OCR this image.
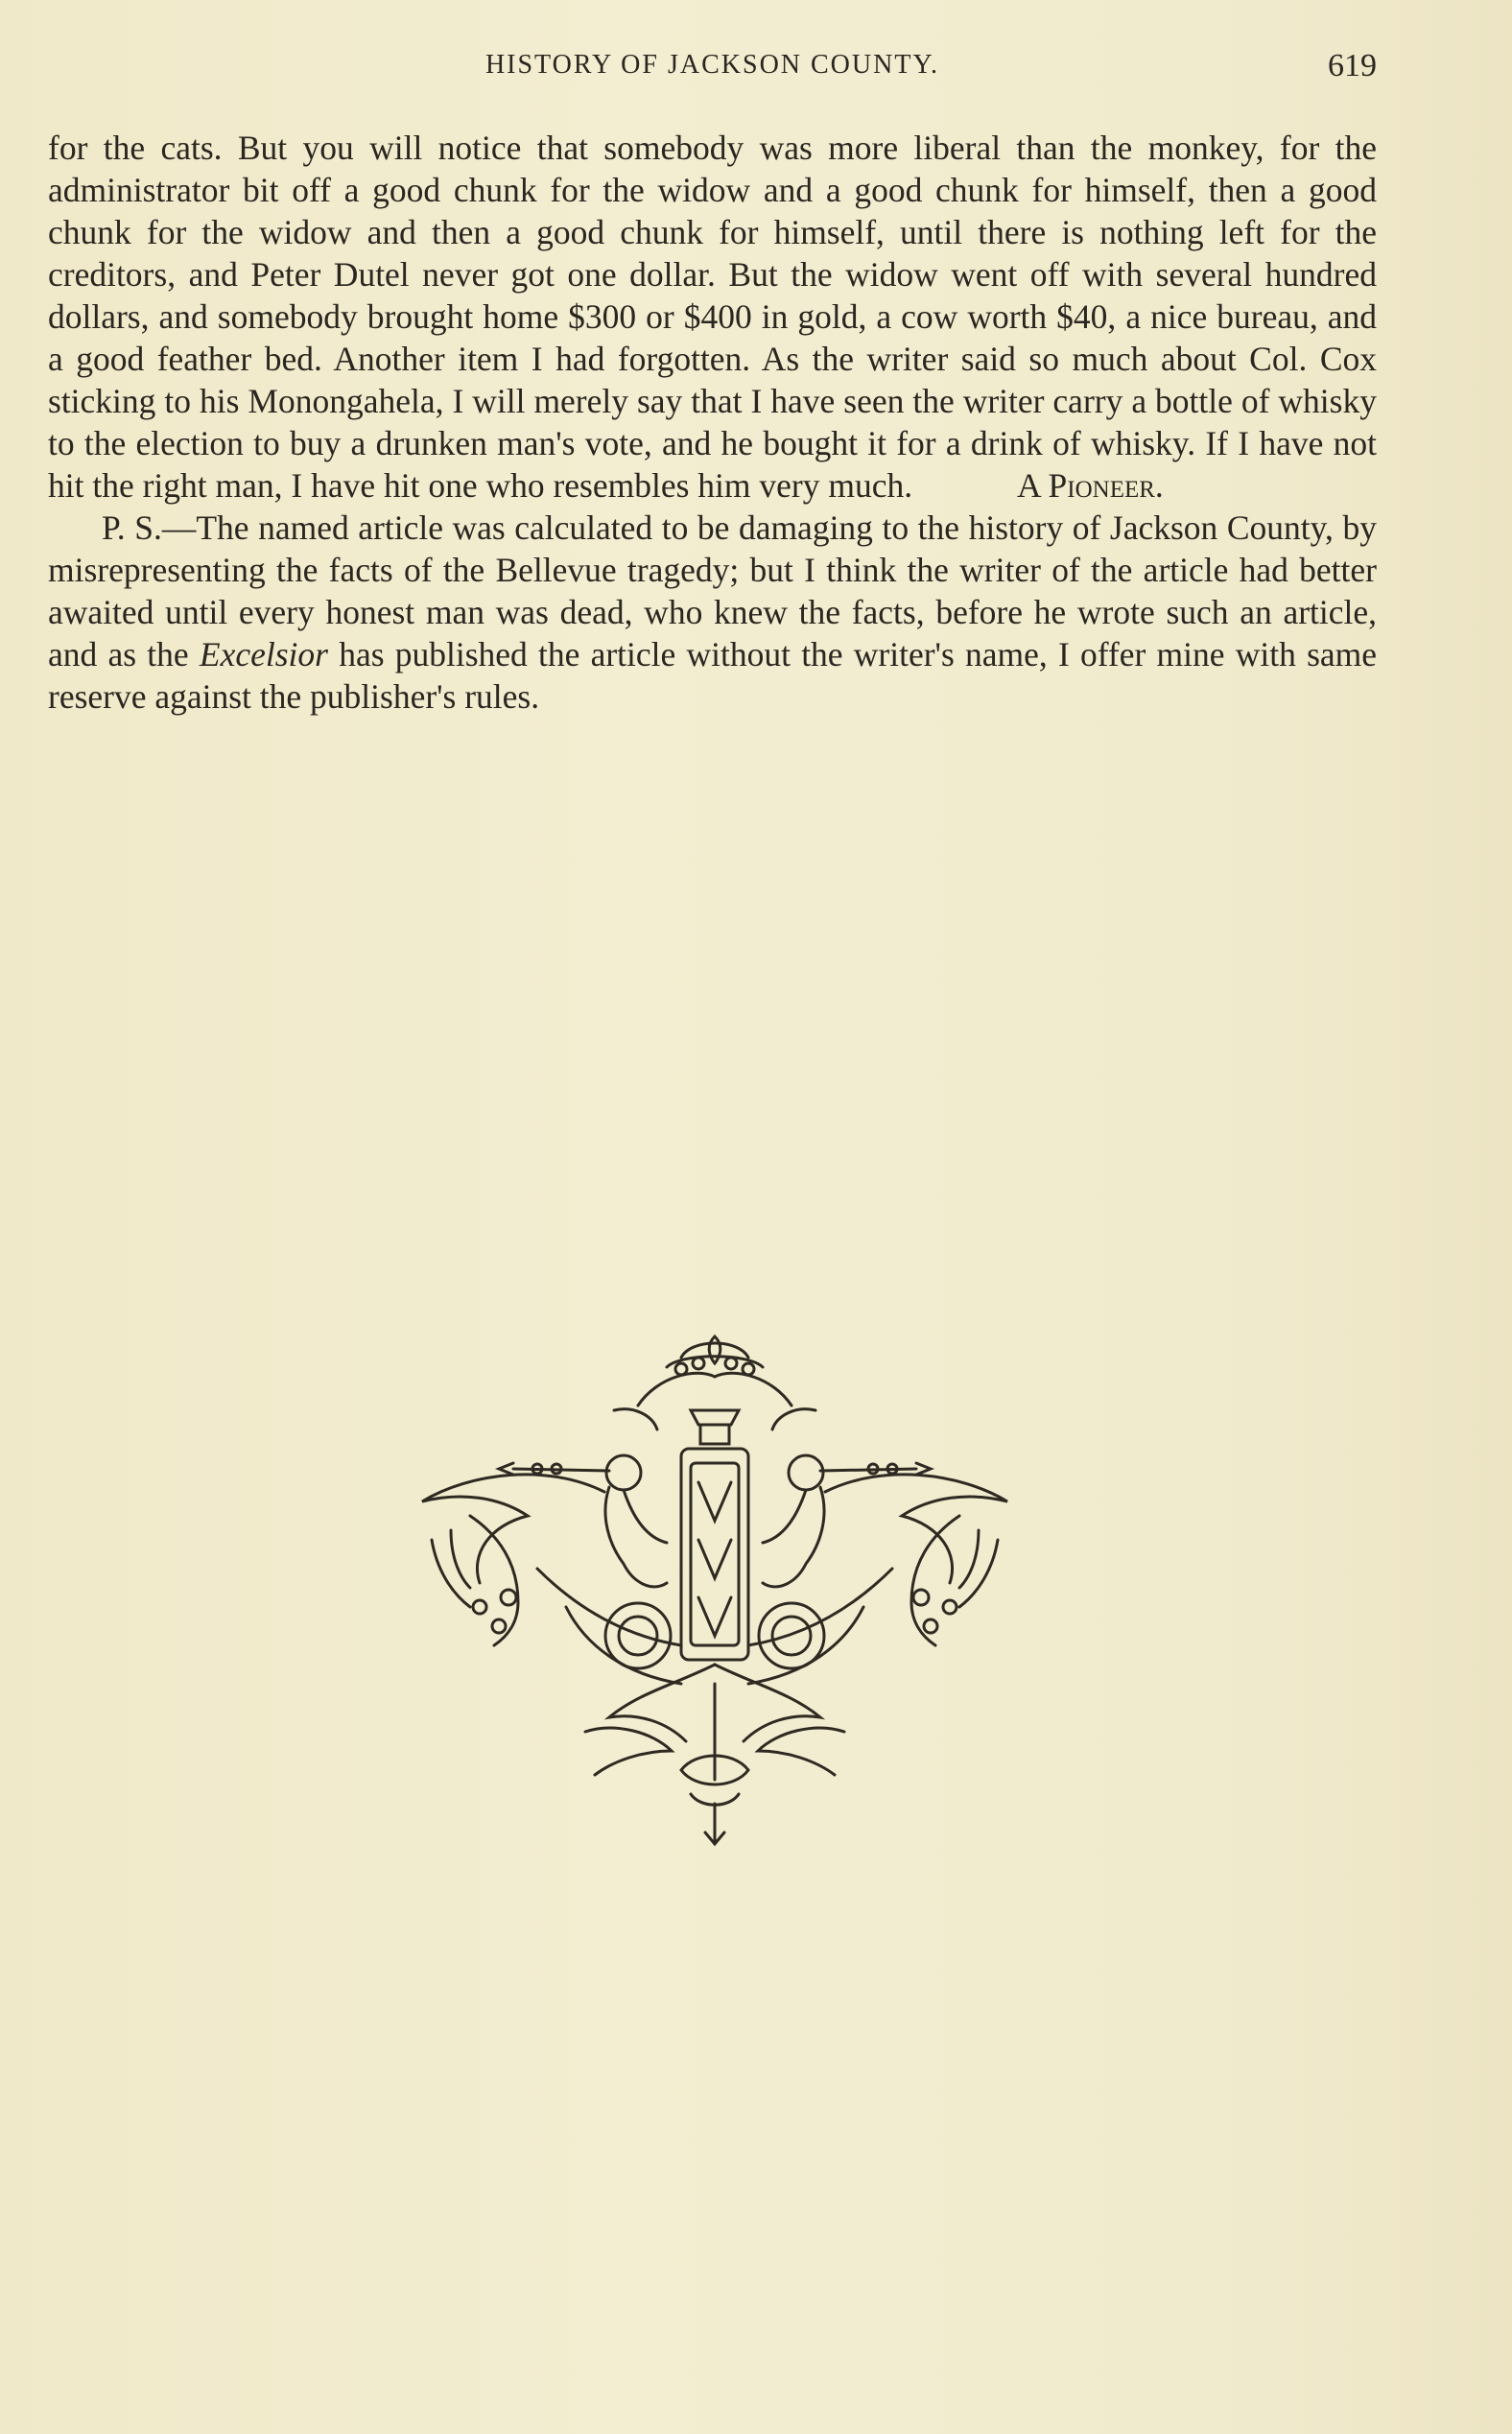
HISTORY OF JACKSON COUNTY.	619

for the cats. But you will notice that somebody was more liberal than the monkey, for the administrator bit off a good chunk for the widow and a good chunk for himself, then a good chunk for the widow and then a good chunk for himself, until there is nothing left for the creditors, and Peter Dutel never got one dollar. But the widow went off with several hundred dollars, and somebody brought home $300 or $400 in gold, a cow worth $40, a nice bureau, and a good feather bed. Another item I had forgotten. As the writer said so much about Col. Cox sticking to his Monongahela, I will merely say that I have seen the writer carry a bottle of whisky to the election to buy a drunken man's vote, and he bought it for a drink of whisky. If I have not hit the right man, I have hit one who resembles him very much.	A Pioneer.

P. S.—The named article was calculated to be damaging to the history of Jackson County, by misrepresenting the facts of the Bellevue tragedy; but I think the writer of the article had better awaited until every honest man was dead, who knew the facts, before he wrote such an article, and as the Excelsior has published the article without the writer's name, I offer mine with same reserve against the publisher's rules.
